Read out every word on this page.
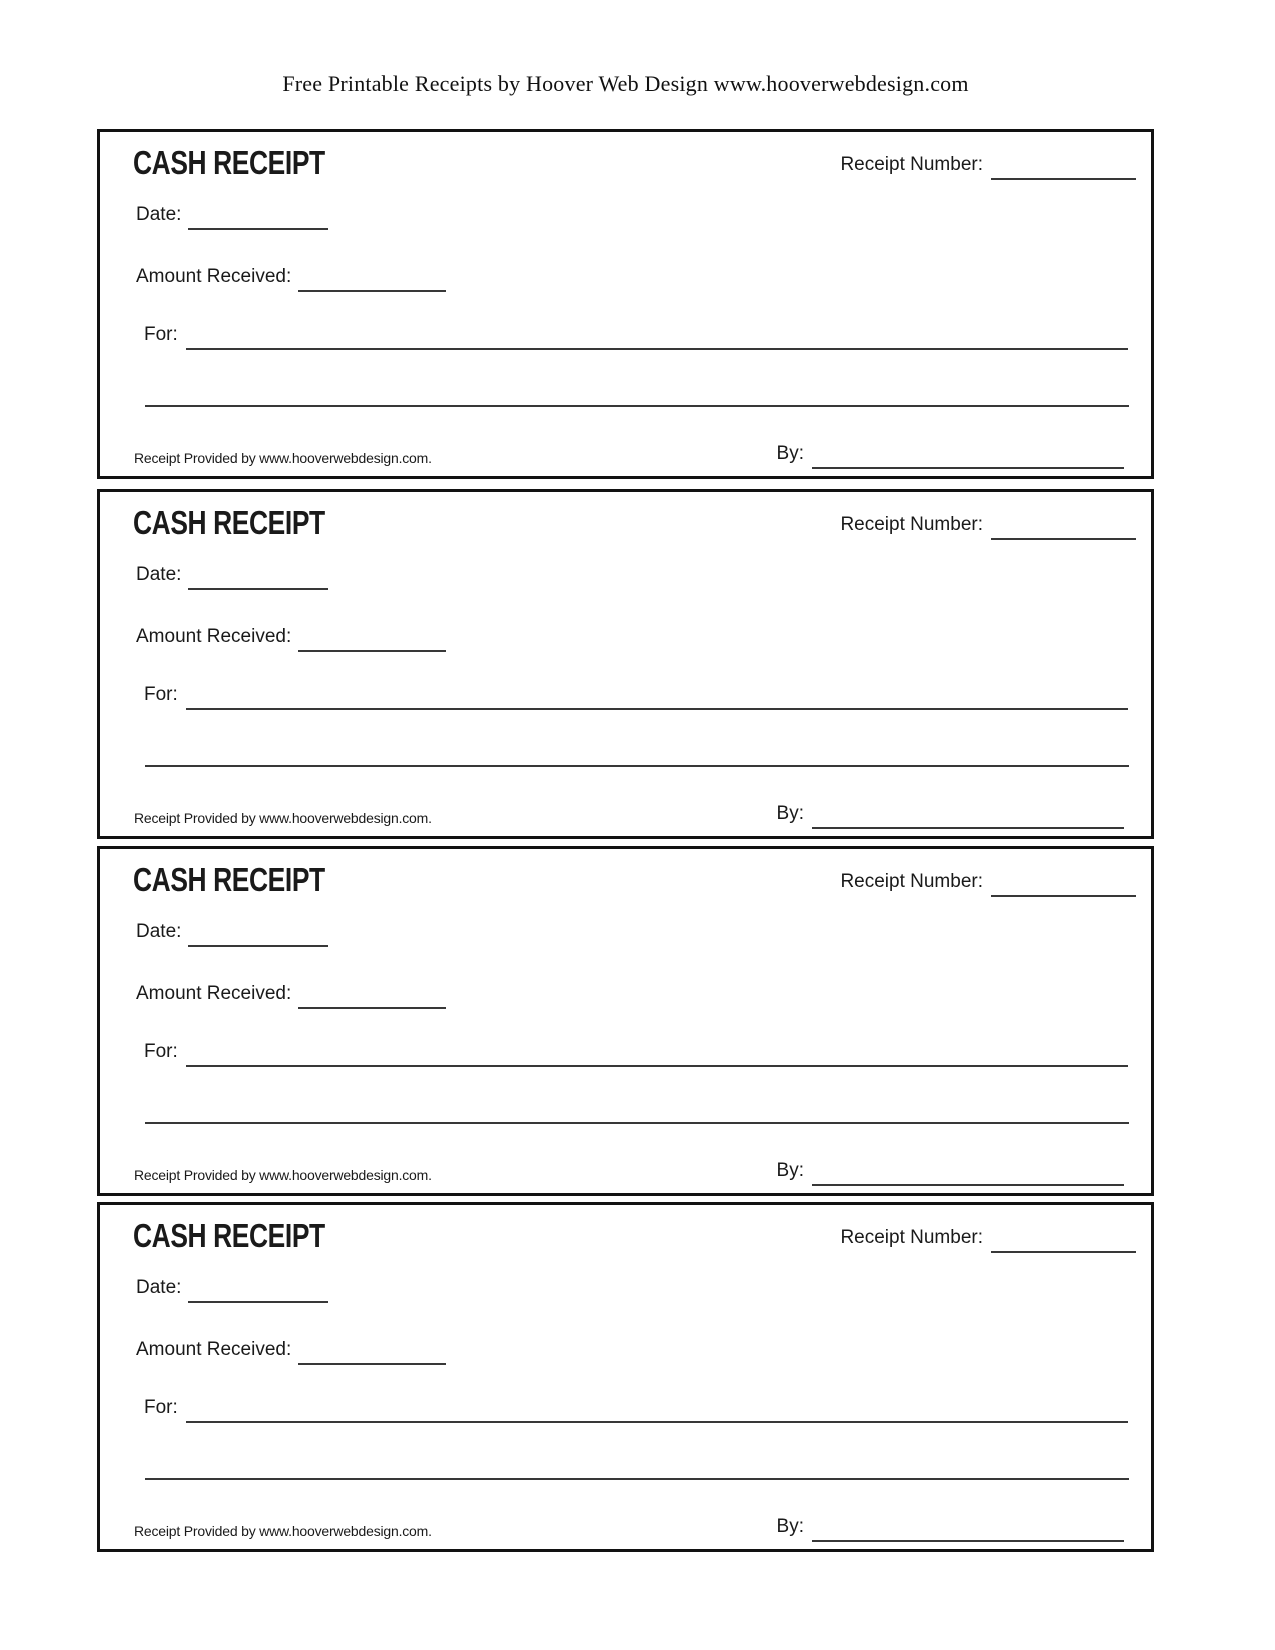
Free Printable Receipts by Hoover Web Design www.hooverwebdesign.com
CASH RECEIPT	Receipt Number:
Date:
Amount Received:
For:
Receipt Provided by www.hooverwebdesign.com.	By:
CASH RECEIPT	Receipt Number:
Date:
Amount Received:
For:
Receipt Provided by www.hooverwebdesign.com.	By:
CASH RECEIPT	Receipt Number:
Date:
Amount Received:
For:
Receipt Provided by www.hooverwebdesign.com.	By:
CASH RECEIPT	Receipt Number:
Date:
Amount Received:
For:
Receipt Provided by www.hooverwebdesign.com.	By:
